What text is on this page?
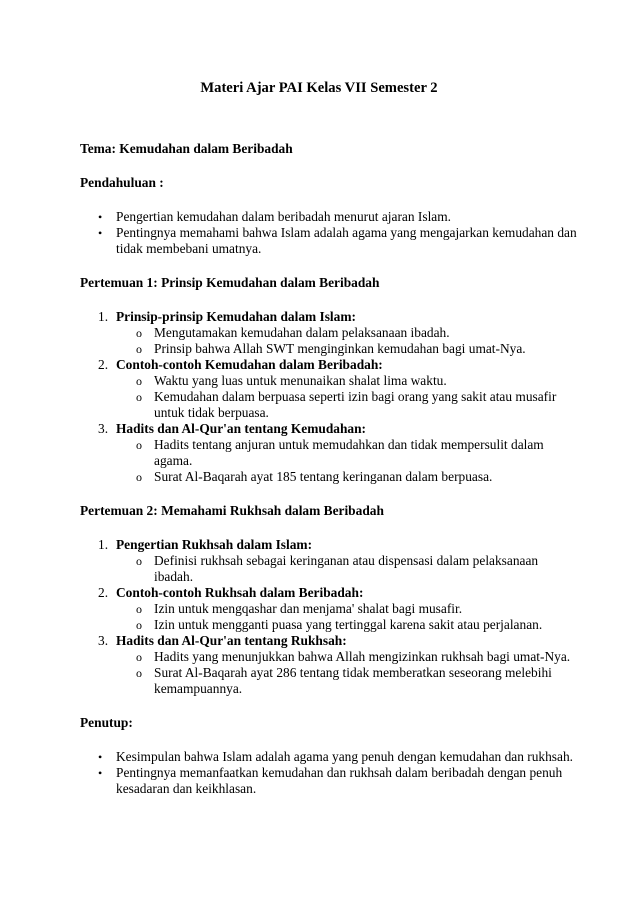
Materi Ajar PAI Kelas VII Semester 2
Tema: Kemudahan dalam Beribadah
Pendahuluan :
• Pengertian kemudahan dalam beribadah menurut ajaran Islam.
• Pentingnya memahami bahwa Islam adalah agama yang mengajarkan kemudahan dan
tidak membebani umatnya.
Pertemuan 1: Prinsip Kemudahan dalam Beribadah
1. Prinsip-prinsip Kemudahan dalam Islam:
o Mengutamakan kemudahan dalam pelaksanaan ibadah.
o Prinsip bahwa Allah SWT menginginkan kemudahan bagi umat-Nya.
2. Contoh-contoh Kemudahan dalam Beribadah:
o Waktu yang luas untuk menunaikan shalat lima waktu.
o Kemudahan dalam berpuasa seperti izin bagi orang yang sakit atau musafir
untuk tidak berpuasa.
3. Hadits dan Al-Qur'an tentang Kemudahan:
o Hadits tentang anjuran untuk memudahkan dan tidak mempersulit dalam
agama.
o Surat Al-Baqarah ayat 185 tentang keringanan dalam berpuasa.
Pertemuan 2: Memahami Rukhsah dalam Beribadah
1. Pengertian Rukhsah dalam Islam:
o Definisi rukhsah sebagai keringanan atau dispensasi dalam pelaksanaan
ibadah.
2. Contoh-contoh Rukhsah dalam Beribadah:
o Izin untuk mengqashar dan menjama' shalat bagi musafir.
o Izin untuk mengganti puasa yang tertinggal karena sakit atau perjalanan.
3. Hadits dan Al-Qur'an tentang Rukhsah:
o Hadits yang menunjukkan bahwa Allah mengizinkan rukhsah bagi umat-Nya.
o Surat Al-Baqarah ayat 286 tentang tidak memberatkan seseorang melebihi
kemampuannya.
Penutup:
• Kesimpulan bahwa Islam adalah agama yang penuh dengan kemudahan dan rukhsah.
• Pentingnya memanfaatkan kemudahan dan rukhsah dalam beribadah dengan penuh
kesadaran dan keikhlasan.
